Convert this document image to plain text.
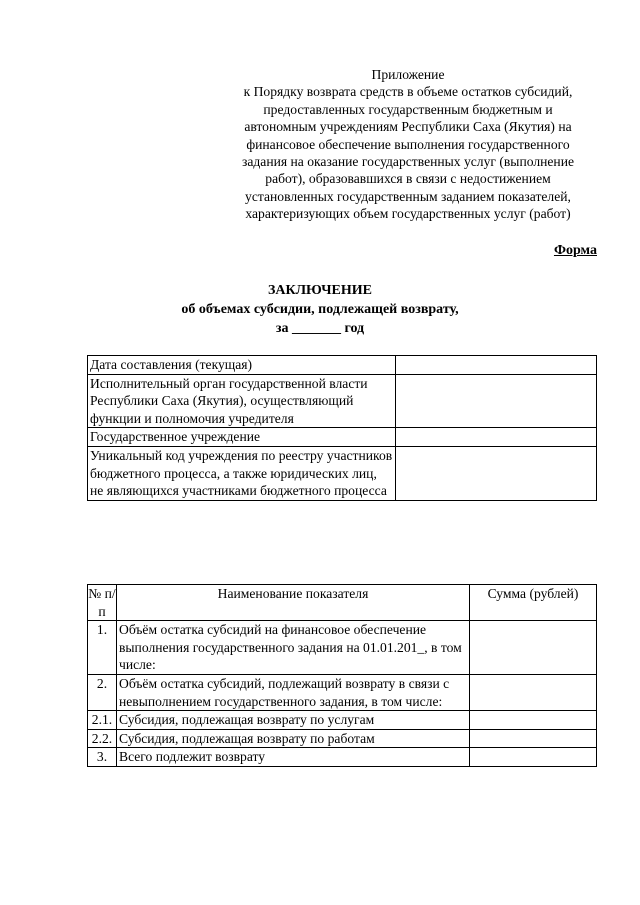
Приложение
к Порядку возврата средств в объеме остатков субсидий,
предоставленных государственным бюджетным и
автономным учреждениям Республики Саха (Якутия) на
финансовое обеспечение выполнения государственного
задания на оказание государственных услуг (выполнение
работ), образовавшихся в связи с недостижением
установленных государственным заданием показателей,
характеризующих объем государственных услуг (работ)
Форма
ЗАКЛЮЧЕНИЕ
об объемах субсидии, подлежащей возврату,
за _______ год
Дата составления (текущая)	
Исполнительный орган государственной власти Республики Саха (Якутия), осуществляющий функции и полномочия учредителя	
Государственное учреждение	
Уникальный код учреждения по реестру участников бюджетного процесса, а также юридических лиц, не являющихся участниками бюджетного процесса	
№ п/п	Наименование показателя	Сумма (рублей)
1.	Объём остатка субсидий на финансовое обеспечение выполнения государственного задания на 01.01.201_, в том числе:	
2.	Объём остатка субсидий, подлежащий возврату в связи с невыполнением государственного задания, в том числе:	
2.1.	Субсидия, подлежащая возврату по услугам	
2.2.	Субсидия, подлежащая возврату по работам	
3.	Всего подлежит возврату	
